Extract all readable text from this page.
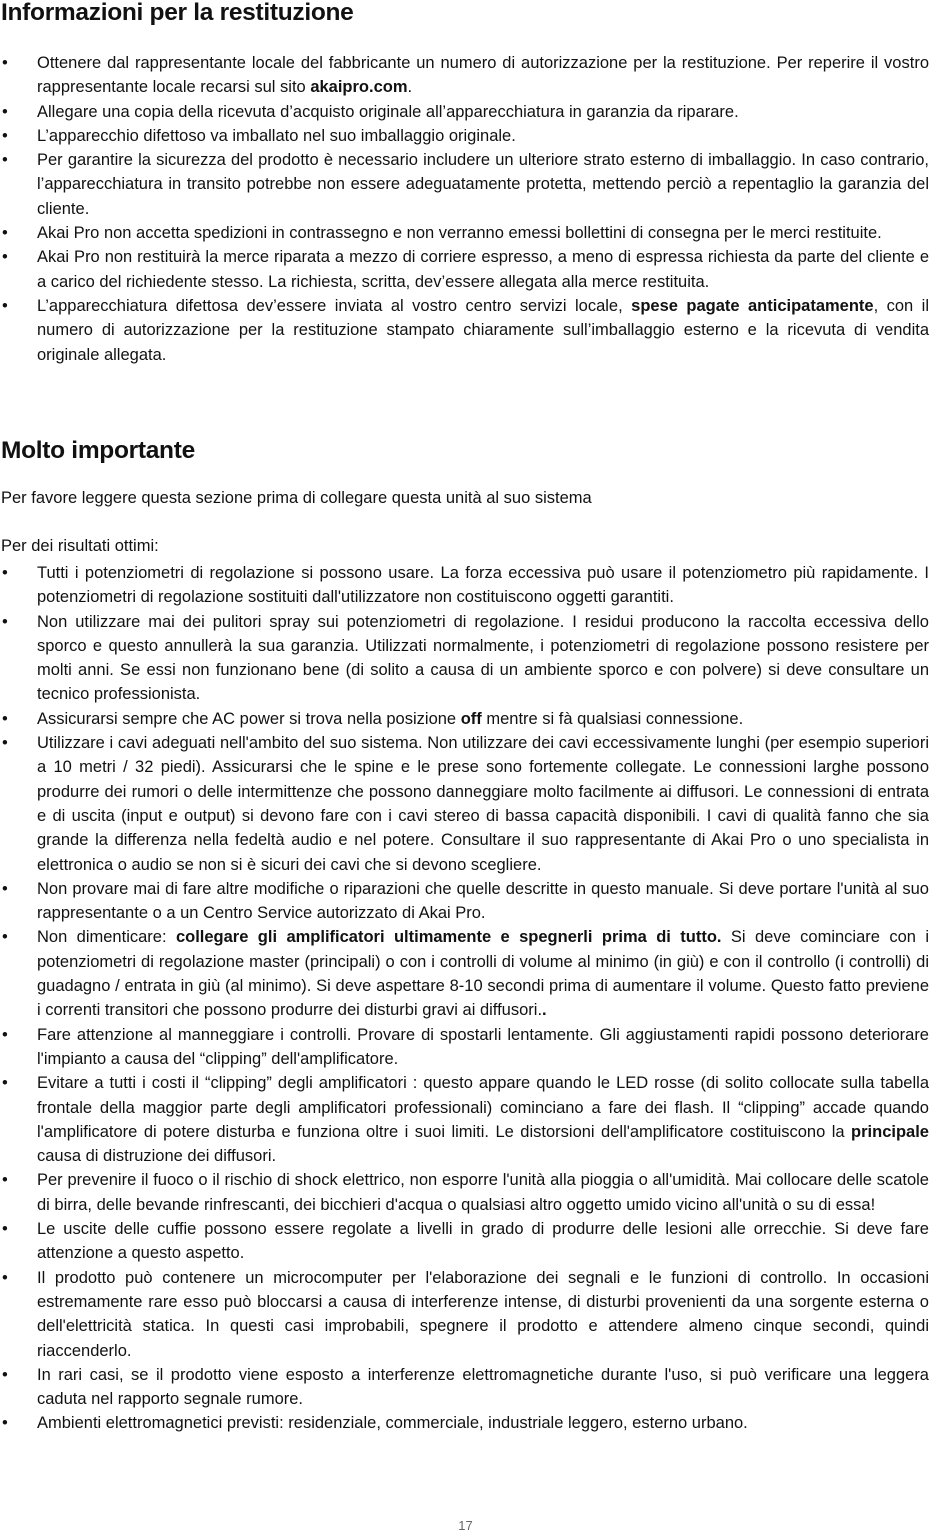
Informazioni per la restituzione
• Ottenere dal rappresentante locale del fabbricante un numero di autorizzazione per la restituzione. Per reperire il vostro rappresentante locale recarsi sul sito akaipro.com.
• Allegare una copia della ricevuta d’acquisto originale all’apparecchiatura in garanzia da riparare.
• L’apparecchio difettoso va imballato nel suo imballaggio originale.
• Per garantire la sicurezza del prodotto è necessario includere un ulteriore strato esterno di imballaggio. In caso contrario, l’apparecchiatura in transito potrebbe non essere adeguatamente protetta, mettendo perciò a repentaglio la garanzia del cliente.
• Akai Pro non accetta spedizioni in contrassegno e non verranno emessi bollettini di consegna per le merci restituite.
• Akai Pro non restituirà la merce riparata a mezzo di corriere espresso, a meno di espressa richiesta da parte del cliente e a carico del richiedente stesso. La richiesta, scritta, dev’essere allegata alla merce restituita.
• L’apparecchiatura difettosa dev’essere inviata al vostro centro servizi locale, spese pagate anticipatamente, con il numero di autorizzazione per la restituzione stampato chiaramente sull’imballaggio esterno e la ricevuta di vendita originale allegata.
Molto importante

Per favore leggere questa sezione prima di collegare questa unità al suo sistema

Per dei risultati ottimi:

• Tutti i potenziometri di regolazione si possono usare. La forza eccessiva può usare il potenziometro più rapidamente. I potenziometri di regolazione sostituiti dall'utilizzatore non costituiscono oggetti garantiti.
• Non utilizzare mai dei pulitori spray sui potenziometri di regolazione. I residui producono la raccolta eccessiva dello sporco e questo annullerà la sua garanzia. Utilizzati normalmente, i potenziometri di regolazione possono resistere per molti anni. Se essi non funzionano bene (di solito a causa di un ambiente sporco e con polvere) si deve consultare un tecnico professionista.
• Assicurarsi sempre che AC power si trova nella posizione off mentre si fà qualsiasi connessione.
• Utilizzare i cavi adeguati nell'ambito del suo sistema. Non utilizzare dei cavi eccessivamente lunghi (per esempio superiori a 10 metri / 32 piedi). Assicurarsi che le spine e le prese sono fortemente collegate. Le connessioni larghe possono produrre dei rumori o delle intermittenze che possono danneggiare molto facilmente ai diffusori. Le connessioni di entrata e di uscita (input e output) si devono fare con i cavi stereo di bassa capacità disponibili. I cavi di qualità fanno che sia grande la differenza nella fedeltà audio e nel potere. Consultare il suo rappresentante di Akai Pro o uno specialista in elettronica o audio se non si è sicuri dei cavi che si devono scegliere.
• Non provare mai di fare altre modifiche o riparazioni che quelle descritte in questo manuale. Si deve portare l'unità al suo rappresentante o a un Centro Service autorizzato di Akai Pro.
• Non dimenticare: collegare gli amplificatori ultimamente e spegnerli prima di tutto. Si deve cominciare con i potenziometri di regolazione master (principali) o con i controlli di volume al minimo (in giù) e con il controllo (i controlli) di guadagno / entrata in giù (al minimo). Si deve aspettare 8-10 secondi prima di aumentare il volume. Questo fatto previene i correnti transitori che possono produrre dei disturbi gravi ai diffusori..
• Fare attenzione al manneggiare i controlli. Provare di spostarli lentamente. Gli aggiustamenti rapidi possono deteriorare l'impianto a causa del “clipping” dell'amplificatore.
• Evitare a tutti i costi il “clipping” degli amplificatori : questo appare quando le LED rosse (di solito collocate sulla tabella frontale della maggior parte degli amplificatori professionali) cominciano a fare dei flash. Il “clipping” accade quando l'amplificatore di potere disturba e funziona oltre i suoi limiti. Le distorsioni dell'amplificatore costituiscono la principale causa di distruzione dei diffusori.
• Per prevenire il fuoco o il rischio di shock elettrico, non esporre l'unità alla pioggia o all'umidità. Mai collocare delle scatole di birra, delle bevande rinfrescanti, dei bicchieri d'acqua o qualsiasi altro oggetto umido vicino all'unità o su di essa!
• Le uscite delle cuffie possono essere regolate a livelli in grado di produrre delle lesioni alle orrecchie. Si deve fare attenzione a questo aspetto.
• Il prodotto può contenere un microcomputer per l'elaborazione dei segnali e le funzioni di controllo. In occasioni estremamente rare esso può bloccarsi a causa di interferenze intense, di disturbi provenienti da una sorgente esterna o dell'elettricità statica. In questi casi improbabili, spegnere il prodotto e attendere almeno cinque secondi, quindi riaccenderlo.
• In rari casi, se il prodotto viene esposto a interferenze elettromagnetiche durante l'uso, si può verificare una leggera caduta nel rapporto segnale rumore.
• Ambienti elettromagnetici previsti: residenziale, commerciale, industriale leggero, esterno urbano.
17
